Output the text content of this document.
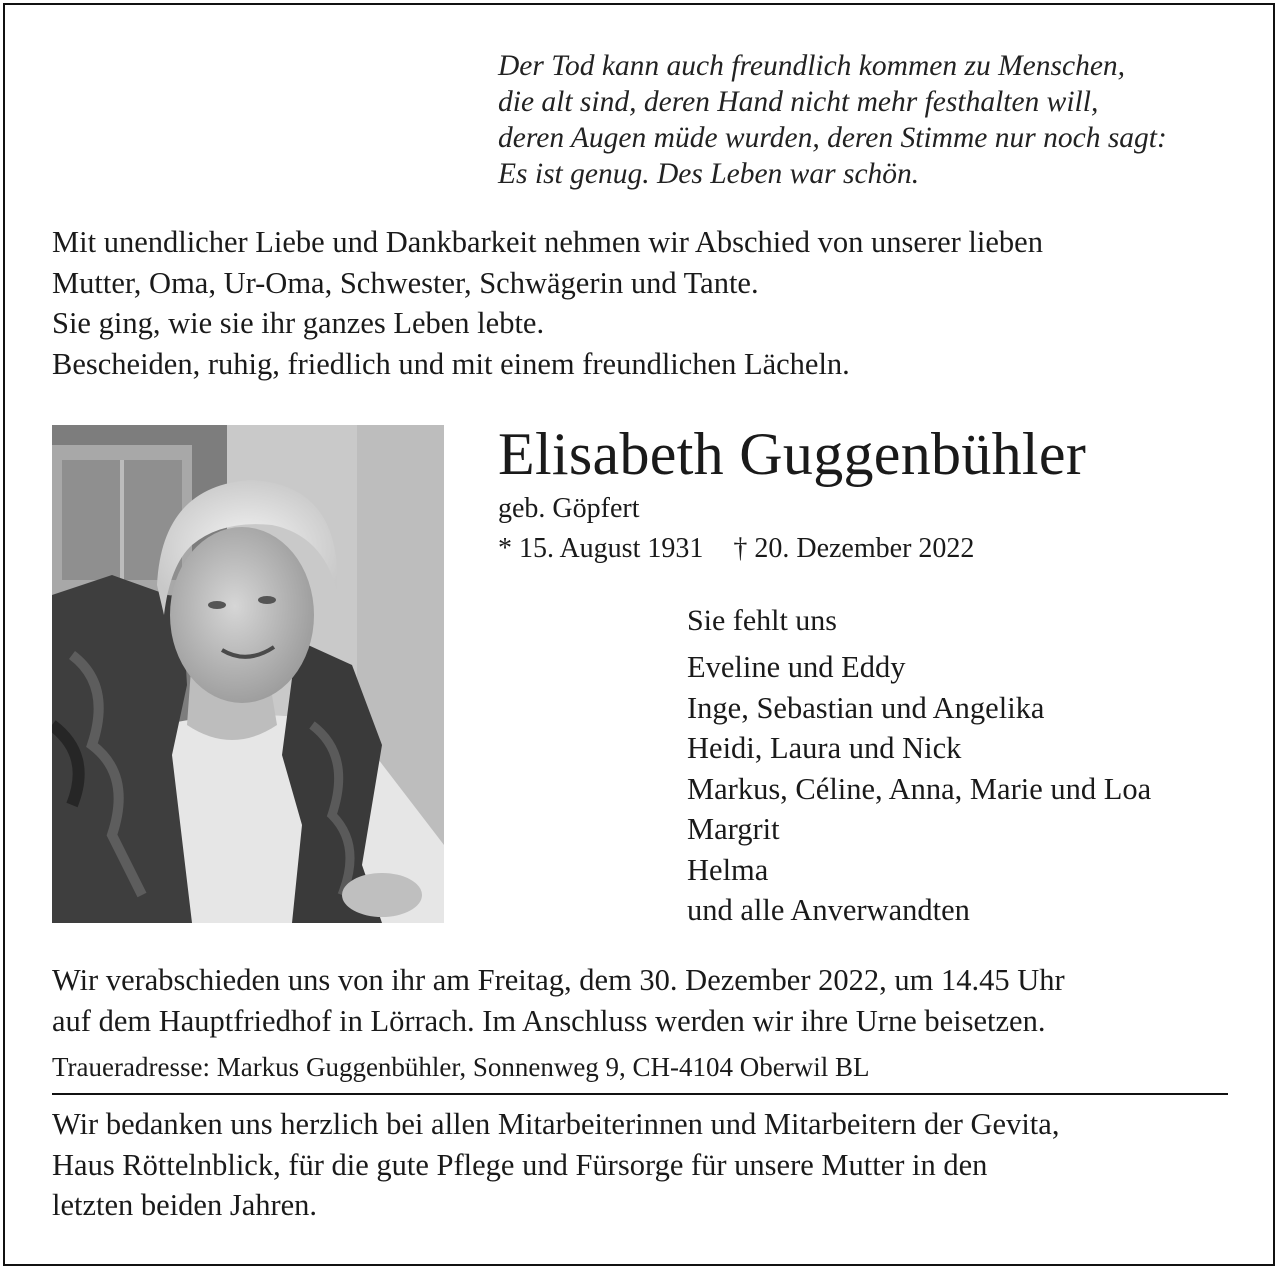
Der Tod kann auch freundlich kommen zu Menschen,
die alt sind, deren Hand nicht mehr festhalten will,
deren Augen müde wurden, deren Stimme nur noch sagt:
Es ist genug. Des Leben war schön.
Mit unendlicher Liebe und Dankbarkeit nehmen wir Abschied von unserer lieben
Mutter, Oma, Ur-Oma, Schwester, Schwägerin und Tante.
Sie ging, wie sie ihr ganzes Leben lebte.
Bescheiden, ruhig, friedlich und mit einem freundlichen Lächeln.
Elisabeth Guggenbühler
geb. Göpfert
* 15. August 1931 † 20. Dezember 2022
Sie fehlt uns
Eveline und Eddy
Inge, Sebastian und Angelika
Heidi, Laura und Nick
Markus, Céline, Anna, Marie und Loa
Margrit
Helma
und alle Anverwandten
Wir verabschieden uns von ihr am Freitag, dem 30. Dezember 2022, um 14.45 Uhr
auf dem Hauptfriedhof in Lörrach. Im Anschluss werden wir ihre Urne beisetzen.
Traueradresse: Markus Guggenbühler, Sonnenweg 9, CH-4104 Oberwil BL
Wir bedanken uns herzlich bei allen Mitarbeiterinnen und Mitarbeitern der Gevita,
Haus Röttelnblick, für die gute Pflege und Fürsorge für unsere Mutter in den
letzten beiden Jahren.
